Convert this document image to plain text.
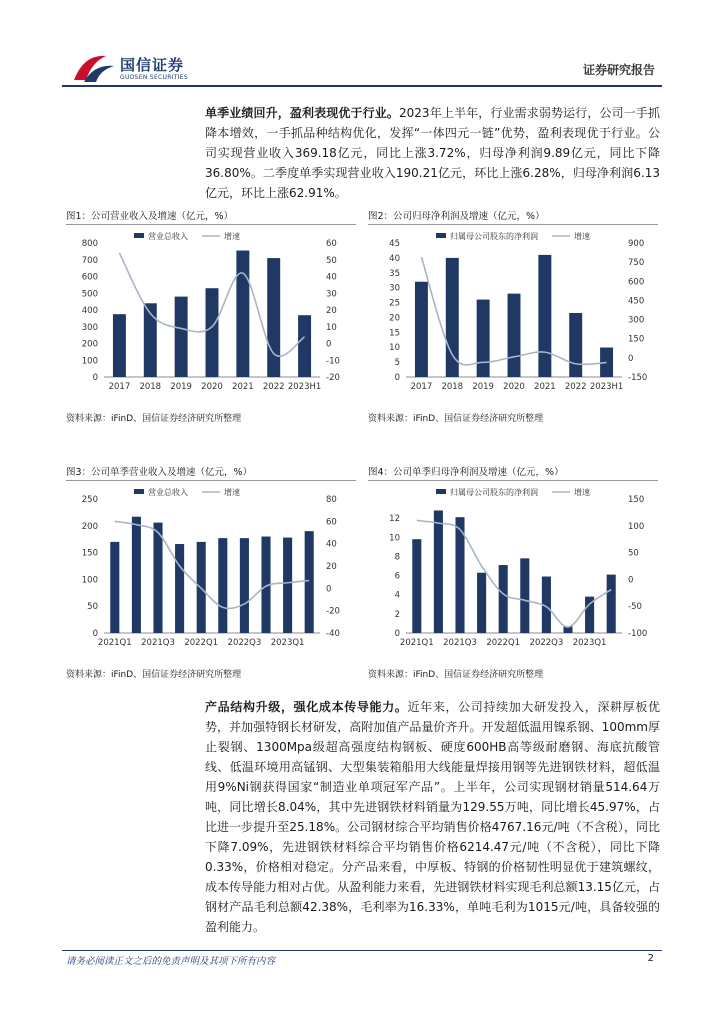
国信证券
GUOSEN SECURITIES
证券研究报告
单季业绩回升，盈利表现优于行业。2023年上半年，行业需求弱势运行，公司一手抓降本增效，一手抓品种结构优化，发挥“一体四元一链”优势，盈利表现优于行业。公司实现营业收入369.18亿元，同比上涨3.72%，归母净利润9.89亿元，同比下降36.80%。二季度单季实现营业收入190.21亿元，环比上涨6.28%，归母净利润6.13亿元，环比上涨62.91%。
图1：公司营业收入及增速（亿元，%）
0
100
200
300
400
500
600
700
800
-20
-10
0
10
20
30
40
50
60
2017 2018 2019 2020 2021 2022 2023H1
营业总收入	增速
资料来源：iFinD、国信证券经济研究所整理
图2：公司归母净利润及增速（亿元，%）
0
5
10
15
20
25
30
35
40
45
-150
0
150
300
450
600
750
900
2017 2018 2019 2020 2021 2022 2023H1
归属母公司股东的净利润	增速
资料来源：iFinD、国信证券经济研究所整理
图3：公司单季营业收入及增速（亿元，%）
0
50
100
150
200
250
-40
-20
0
20
40
60
80
2021Q1 2021Q3 2022Q1 2022Q3 2023Q1
营业总收入	增速
资料来源：iFinD、国信证券经济研究所整理
图4：公司单季归母净利润及增速（亿元，%）
0
2
4
6
8
10
12
-100
-50
0
50
100
150
2021Q1 2021Q3 2022Q1 2022Q3 2023Q1
归属母公司股东的净利润	增速
资料来源：iFinD、国信证券经济研究所整理
产品结构升级，强化成本传导能力。近年来，公司持续加大研发投入，深耕厚板优势，并加强特钢长材研发，高附加值产品量价齐升。开发超低温用镍系钢、100mm厚止裂钢、1300Mpa级超高强度结构钢板、硬度600HB高等级耐磨钢、海底抗酸管线、低温环境用高锰钢、大型集装箱船用大线能量焊接用钢等先进钢铁材料，超低温用9%Ni钢获得国家“制造业单项冠军产品”。上半年，公司实现钢材销量514.64万吨，同比增长8.04%，其中先进钢铁材料销量为129.55万吨，同比增长45.97%，占比进一步提升至25.18%。公司钢材综合平均销售价格4767.16元/吨（不含税），同比下降7.09%，先进钢铁材料综合平均销售价格6214.47元/吨（不含税），同比下降0.33%，价格相对稳定。分产品来看，中厚板、特钢的价格韧性明显优于建筑螺纹，成本传导能力相对占优。从盈利能力来看，先进钢铁材料实现毛利总额13.15亿元，占钢材产品毛利总额42.38%，毛利率为16.33%，单吨毛利为1015元/吨，具备较强的盈利能力。
请务必阅读正文之后的免责声明及其项下所有内容	2
